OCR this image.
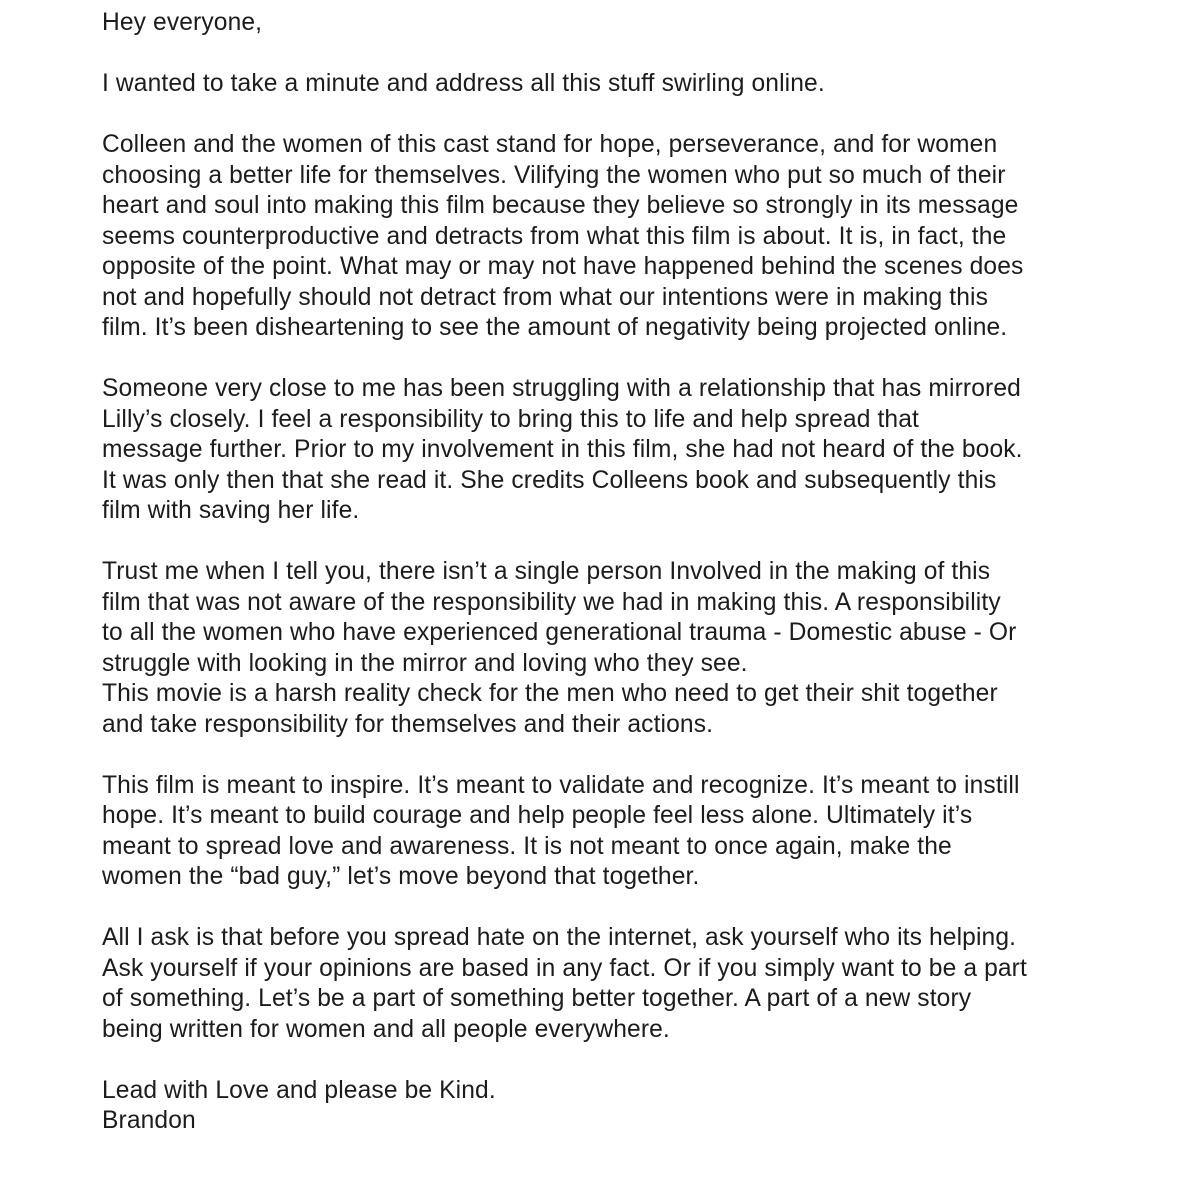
Hey everyone,

I wanted to take a minute and address all this stuff swirling online.

Colleen and the women of this cast stand for hope, perseverance, and for women
choosing a better life for themselves. Vilifying the women who put so much of their
heart and soul into making this film because they believe so strongly in its message
seems counterproductive and detracts from what this film is about. It is, in fact, the
opposite of the point. What may or may not have happened behind the scenes does
not and hopefully should not detract from what our intentions were in making this
film. It’s been disheartening to see the amount of negativity being projected online.

Someone very close to me has been struggling with a relationship that has mirrored
Lilly’s closely. I feel a responsibility to bring this to life and help spread that
message further. Prior to my involvement in this film, she had not heard of the book.
It was only then that she read it. She credits Colleens book and subsequently this
film with saving her life.

Trust me when I tell you, there isn’t a single person Involved in the making of this
film that was not aware of the responsibility we had in making this. A responsibility
to all the women who have experienced generational trauma - Domestic abuse - Or
struggle with looking in the mirror and loving who they see.
This movie is a harsh reality check for the men who need to get their shit together
and take responsibility for themselves and their actions.

This film is meant to inspire. It’s meant to validate and recognize. It’s meant to instill
hope. It’s meant to build courage and help people feel less alone. Ultimately it’s
meant to spread love and awareness. It is not meant to once again, make the
women the “bad guy,” let’s move beyond that together.

All I ask is that before you spread hate on the internet, ask yourself who its helping.
Ask yourself if your opinions are based in any fact. Or if you simply want to be a part
of something. Let’s be a part of something better together. A part of a new story
being written for women and all people everywhere.

Lead with Love and please be Kind.
Brandon
